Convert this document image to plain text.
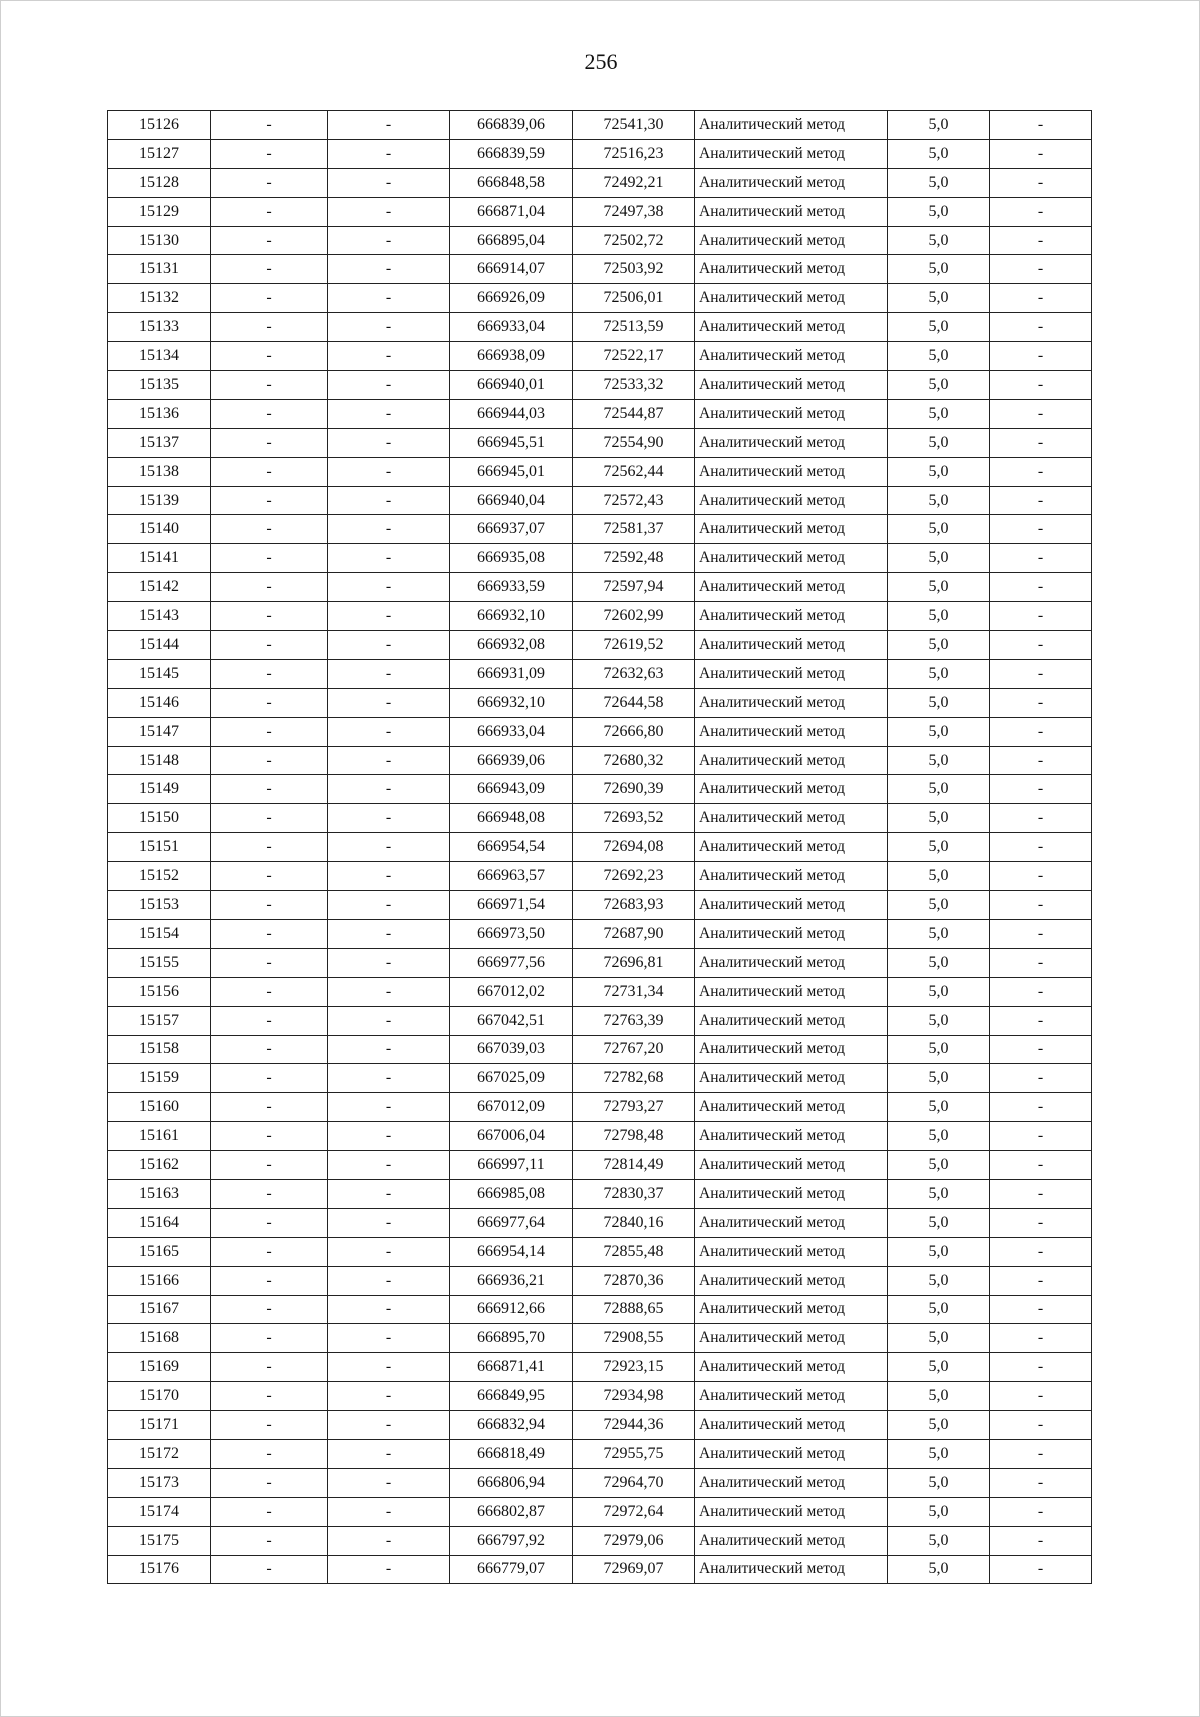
256
15126	-	-	666839,06	72541,30	Аналитический метод	5,0	-
15127	-	-	666839,59	72516,23	Аналитический метод	5,0	-
15128	-	-	666848,58	72492,21	Аналитический метод	5,0	-
15129	-	-	666871,04	72497,38	Аналитический метод	5,0	-
15130	-	-	666895,04	72502,72	Аналитический метод	5,0	-
15131	-	-	666914,07	72503,92	Аналитический метод	5,0	-
15132	-	-	666926,09	72506,01	Аналитический метод	5,0	-
15133	-	-	666933,04	72513,59	Аналитический метод	5,0	-
15134	-	-	666938,09	72522,17	Аналитический метод	5,0	-
15135	-	-	666940,01	72533,32	Аналитический метод	5,0	-
15136	-	-	666944,03	72544,87	Аналитический метод	5,0	-
15137	-	-	666945,51	72554,90	Аналитический метод	5,0	-
15138	-	-	666945,01	72562,44	Аналитический метод	5,0	-
15139	-	-	666940,04	72572,43	Аналитический метод	5,0	-
15140	-	-	666937,07	72581,37	Аналитический метод	5,0	-
15141	-	-	666935,08	72592,48	Аналитический метод	5,0	-
15142	-	-	666933,59	72597,94	Аналитический метод	5,0	-
15143	-	-	666932,10	72602,99	Аналитический метод	5,0	-
15144	-	-	666932,08	72619,52	Аналитический метод	5,0	-
15145	-	-	666931,09	72632,63	Аналитический метод	5,0	-
15146	-	-	666932,10	72644,58	Аналитический метод	5,0	-
15147	-	-	666933,04	72666,80	Аналитический метод	5,0	-
15148	-	-	666939,06	72680,32	Аналитический метод	5,0	-
15149	-	-	666943,09	72690,39	Аналитический метод	5,0	-
15150	-	-	666948,08	72693,52	Аналитический метод	5,0	-
15151	-	-	666954,54	72694,08	Аналитический метод	5,0	-
15152	-	-	666963,57	72692,23	Аналитический метод	5,0	-
15153	-	-	666971,54	72683,93	Аналитический метод	5,0	-
15154	-	-	666973,50	72687,90	Аналитический метод	5,0	-
15155	-	-	666977,56	72696,81	Аналитический метод	5,0	-
15156	-	-	667012,02	72731,34	Аналитический метод	5,0	-
15157	-	-	667042,51	72763,39	Аналитический метод	5,0	-
15158	-	-	667039,03	72767,20	Аналитический метод	5,0	-
15159	-	-	667025,09	72782,68	Аналитический метод	5,0	-
15160	-	-	667012,09	72793,27	Аналитический метод	5,0	-
15161	-	-	667006,04	72798,48	Аналитический метод	5,0	-
15162	-	-	666997,11	72814,49	Аналитический метод	5,0	-
15163	-	-	666985,08	72830,37	Аналитический метод	5,0	-
15164	-	-	666977,64	72840,16	Аналитический метод	5,0	-
15165	-	-	666954,14	72855,48	Аналитический метод	5,0	-
15166	-	-	666936,21	72870,36	Аналитический метод	5,0	-
15167	-	-	666912,66	72888,65	Аналитический метод	5,0	-
15168	-	-	666895,70	72908,55	Аналитический метод	5,0	-
15169	-	-	666871,41	72923,15	Аналитический метод	5,0	-
15170	-	-	666849,95	72934,98	Аналитический метод	5,0	-
15171	-	-	666832,94	72944,36	Аналитический метод	5,0	-
15172	-	-	666818,49	72955,75	Аналитический метод	5,0	-
15173	-	-	666806,94	72964,70	Аналитический метод	5,0	-
15174	-	-	666802,87	72972,64	Аналитический метод	5,0	-
15175	-	-	666797,92	72979,06	Аналитический метод	5,0	-
15176	-	-	666779,07	72969,07	Аналитический метод	5,0	-
